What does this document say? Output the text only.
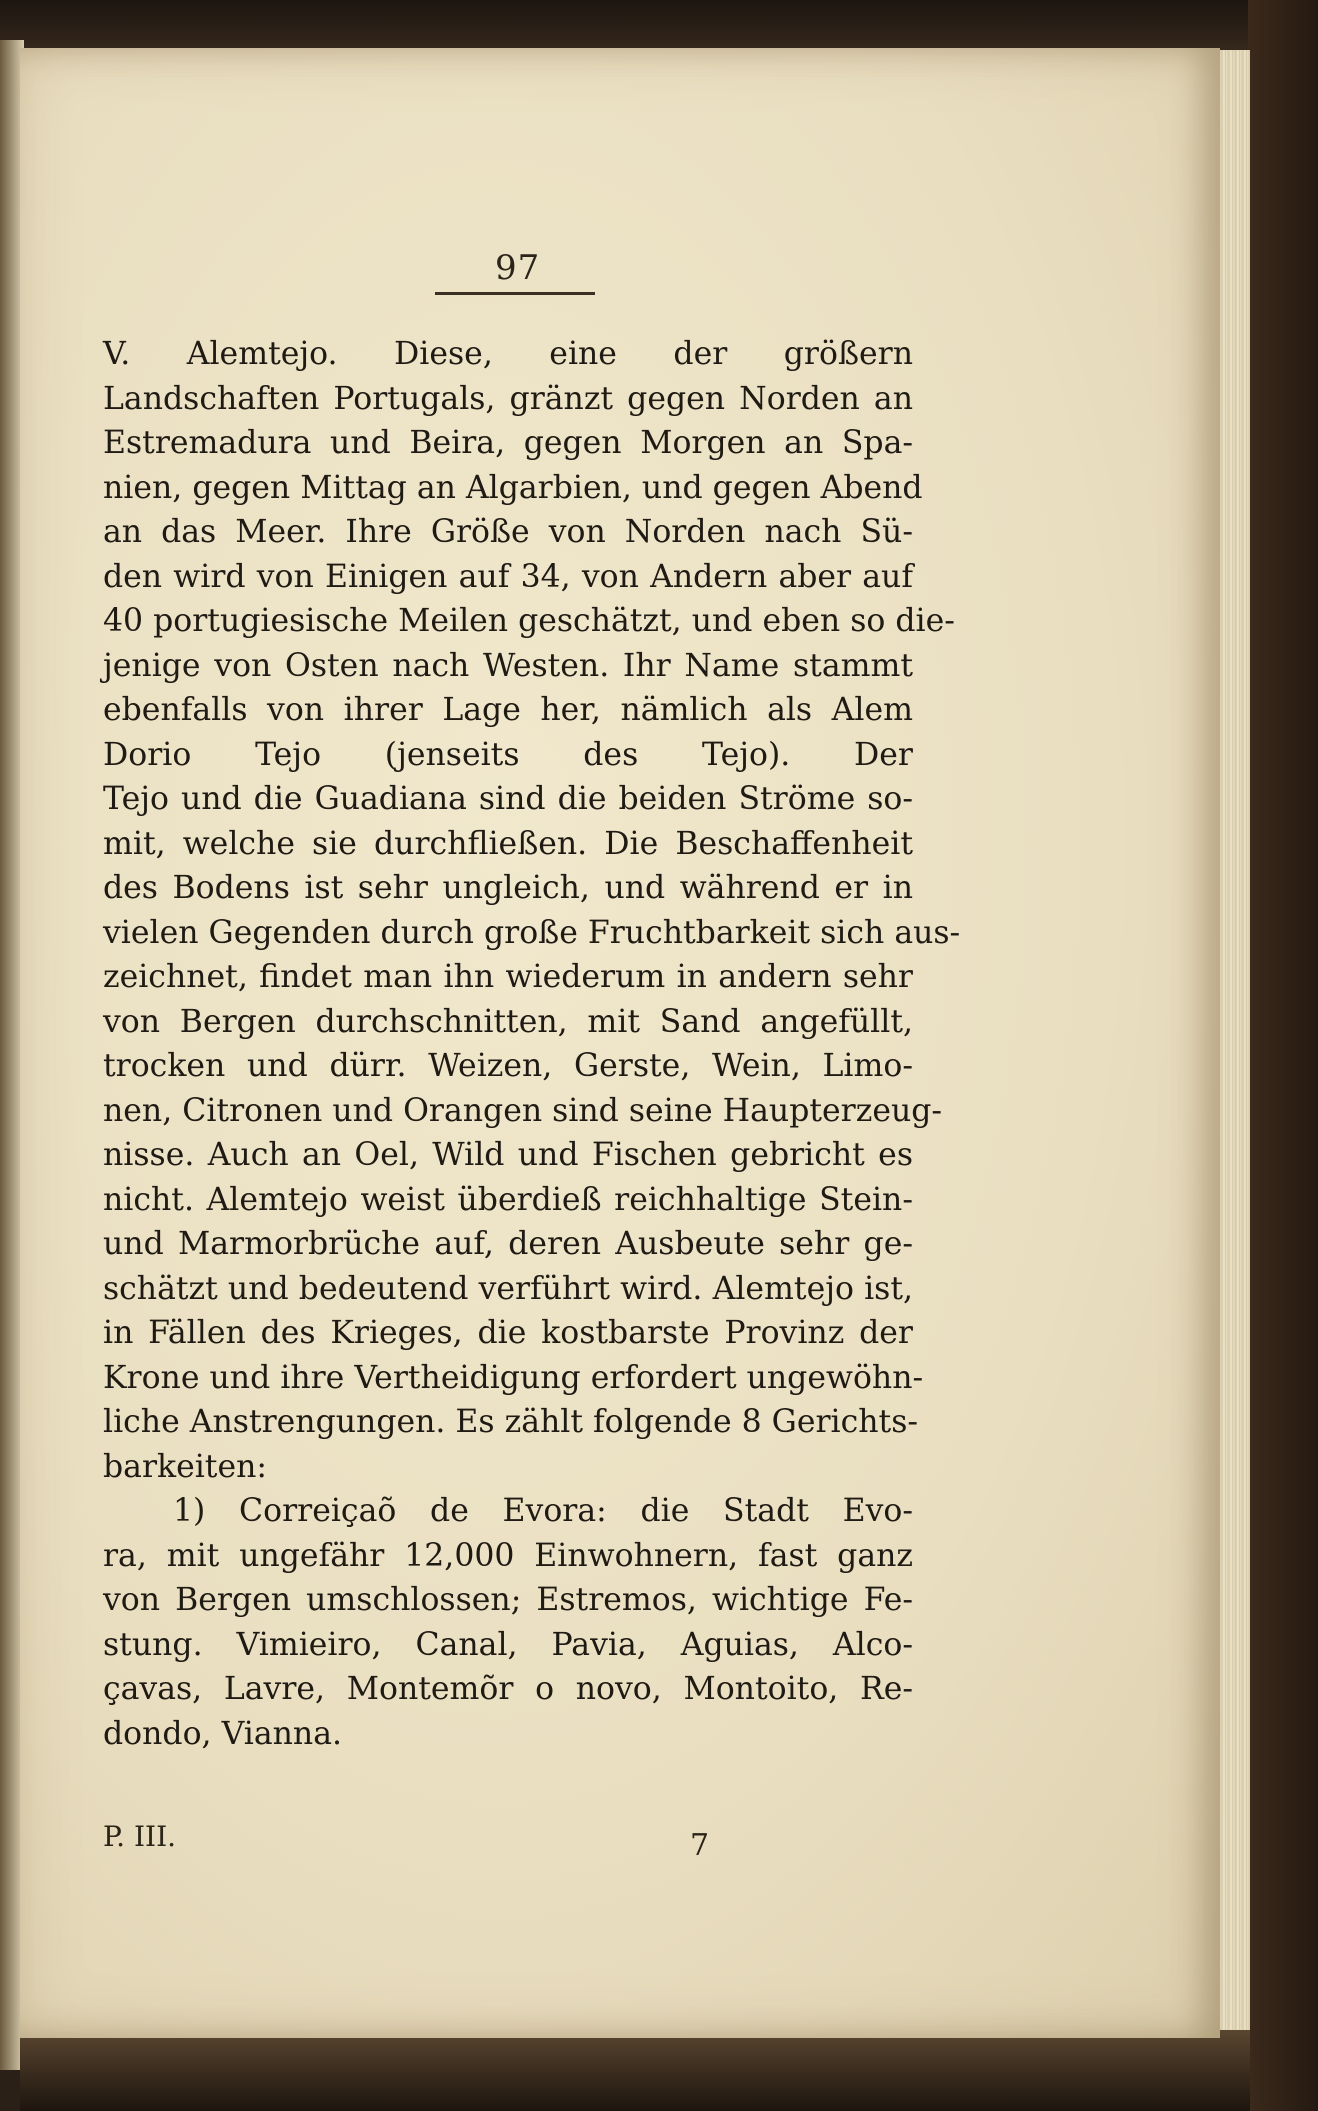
97
V. Alemtejo. Diese, eine der größern
Landschaften Portugals, gränzt gegen Norden an
Estremadura und Beira, gegen Morgen an Spa-
nien, gegen Mittag an Algarbien, und gegen Abend
an das Meer. Ihre Größe von Norden nach Sü-
den wird von Einigen auf 34, von Andern aber auf
40 portugiesische Meilen geschätzt, und eben so die-
jenige von Osten nach Westen. Ihr Name stammt
ebenfalls von ihrer Lage her, nämlich als Alem
Dorio Tejo (jenseits des Tejo). Der
Tejo und die Guadiana sind die beiden Ströme so-
mit, welche sie durchfließen. Die Beschaffenheit
des Bodens ist sehr ungleich, und während er in
vielen Gegenden durch große Fruchtbarkeit sich aus-
zeichnet, findet man ihn wiederum in andern sehr
von Bergen durchschnitten, mit Sand angefüllt,
trocken und dürr. Weizen, Gerste, Wein, Limo-
nen, Citronen und Orangen sind seine Haupterzeug-
nisse. Auch an Oel, Wild und Fischen gebricht es
nicht. Alemtejo weist überdieß reichhaltige Stein-
und Marmorbrüche auf, deren Ausbeute sehr ge-
schätzt und bedeutend verführt wird. Alemtejo ist,
in Fällen des Krieges, die kostbarste Provinz der
Krone und ihre Vertheidigung erfordert ungewöhn-
liche Anstrengungen. Es zählt folgende 8 Gerichts-
barkeiten:
1) Correiçaõ de Evora: die Stadt Evo-
ra, mit ungefähr 12,000 Einwohnern, fast ganz
von Bergen umschlossen; Estremos, wichtige Fe-
stung. Vimieiro, Canal, Pavia, Aguias, Alco-
çavas, Lavre, Montemõr o novo, Montoito, Re-
dondo, Vianna.
P. III.	7
